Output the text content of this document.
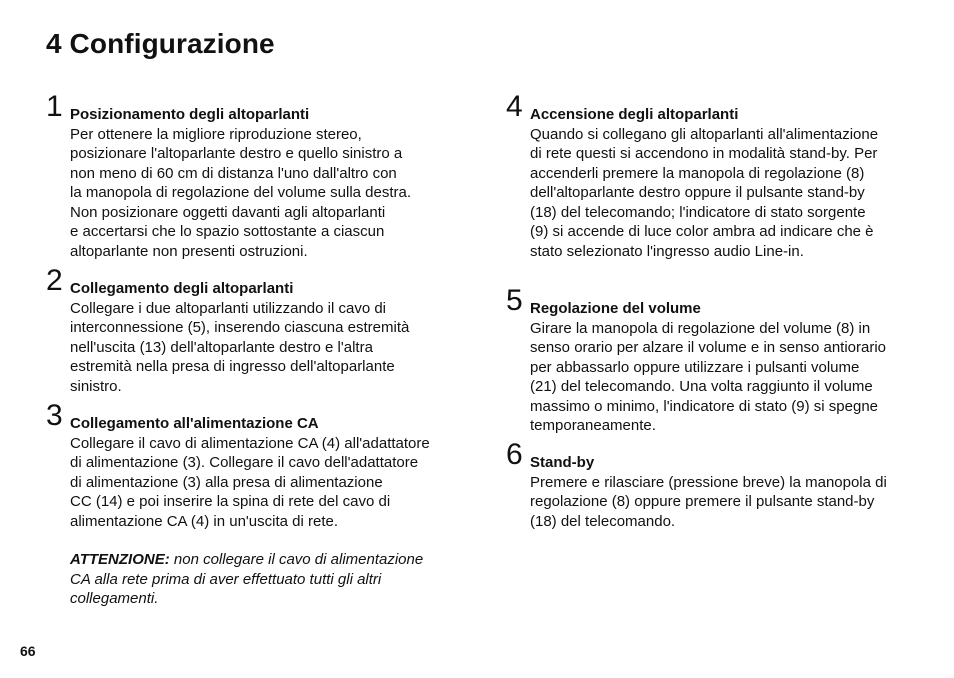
4 Configurazione
1 Posizionamento degli altoparlanti

Per ottenere la migliore riproduzione stereo,
posizionare l'altoparlante destro e quello sinistro a
non meno di 60 cm di distanza l'uno dall'altro con
la manopola di regolazione del volume sulla destra.
Non posizionare oggetti davanti agli altoparlanti
e accertarsi che lo spazio sottostante a ciascun
altoparlante non presenti ostruzioni.

2 Collegamento degli altoparlanti

Collegare i due altoparlanti utilizzando il cavo di
interconnessione (5), inserendo ciascuna estremità
nell'uscita (13) dell'altoparlante destro e l'altra
estremità nella presa di ingresso dell'altoparlante
sinistro.

3 Collegamento all'alimentazione CA

Collegare il cavo di alimentazione CA (4) all'adattatore
di alimentazione (3). Collegare il cavo dell'adattatore
di alimentazione (3) alla presa di alimentazione
CC (14) e poi inserire la spina di rete del cavo di
alimentazione CA (4) in un'uscita di rete.

ATTENZIONE: non collegare il cavo di alimentazione
CA alla rete prima di aver effettuato tutti gli altri
collegamenti.
4 Accensione degli altoparlanti

Quando si collegano gli altoparlanti all'alimentazione
di rete questi si accendono in modalità stand-by. Per
accenderli premere la manopola di regolazione (8)
dell'altoparlante destro oppure il pulsante stand-by
(18) del telecomando; l'indicatore di stato sorgente
(9) si accende di luce color ambra ad indicare che è
stato selezionato l'ingresso audio Line-in.

5 Regolazione del volume

Girare la manopola di regolazione del volume (8) in
senso orario per alzare il volume e in senso antiorario
per abbassarlo oppure utilizzare i pulsanti volume
(21) del telecomando. Una volta raggiunto il volume
massimo o minimo, l'indicatore di stato (9) si spegne
temporaneamente.

6 Stand-by

Premere e rilasciare (pressione breve) la manopola di
regolazione (8) oppure premere il pulsante stand-by
(18) del telecomando.

66
